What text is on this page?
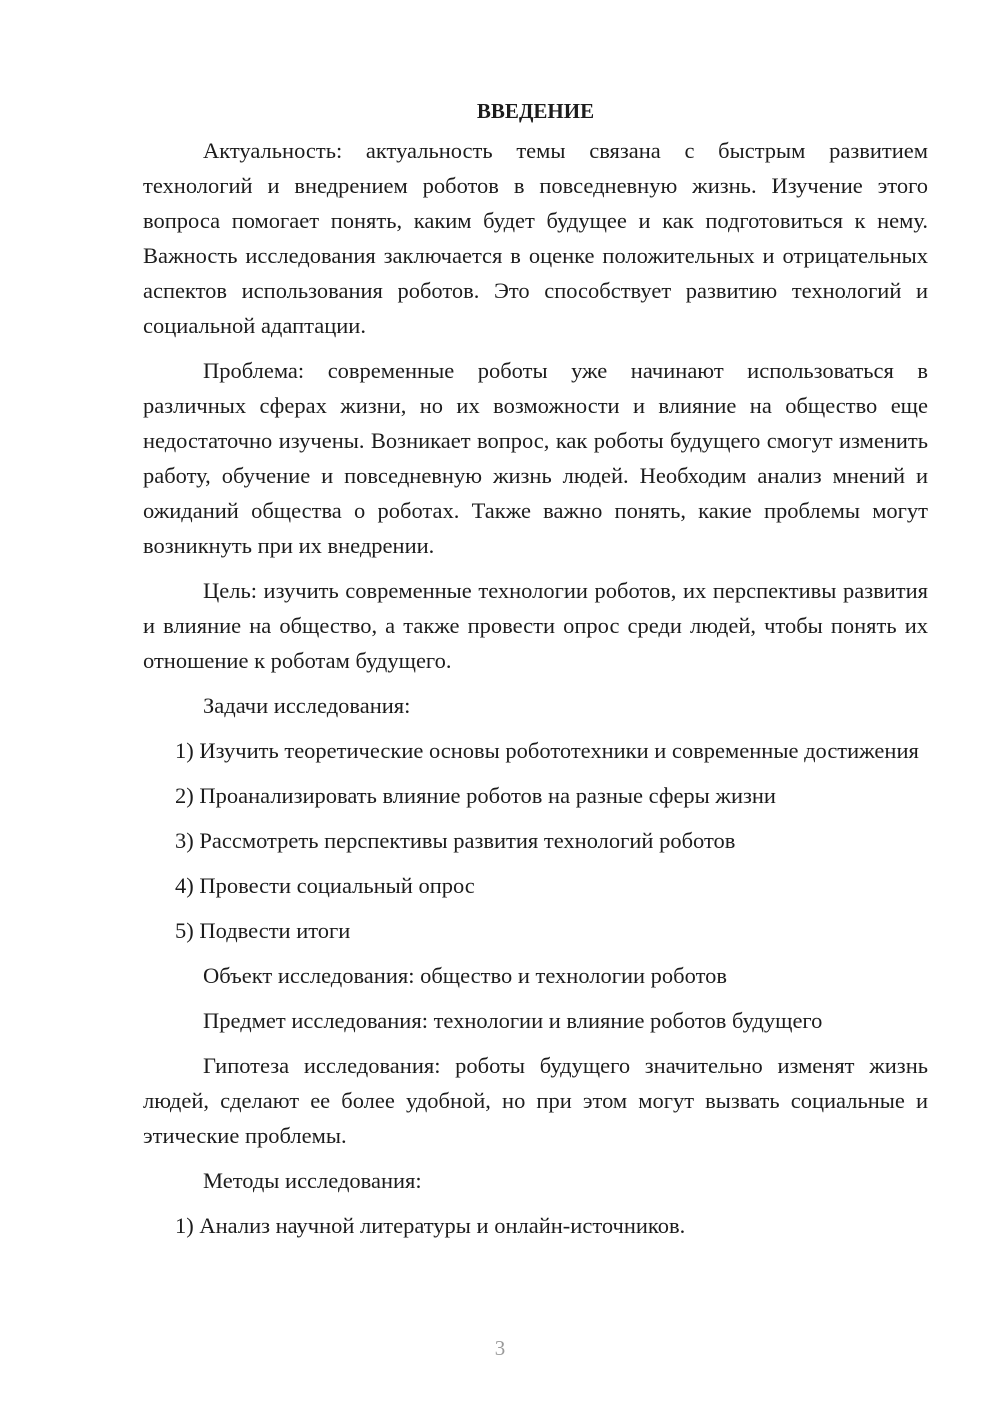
ВВЕДЕНИЕ

Актуальность: актуальность темы связана с быстрым развитием технологий и внедрением роботов в повседневную жизнь. Изучение этого вопроса помогает понять, каким будет будущее и как подготовиться к нему. Важность исследования заключается в оценке положительных и отрицательных аспектов использования роботов. Это способствует развитию технологий и социальной адаптации.

Проблема: современные роботы уже начинают использоваться в различных сферах жизни, но их возможности и влияние на общество еще недостаточно изучены. Возникает вопрос, как роботы будущего смогут изменить работу, обучение и повседневную жизнь людей. Необходим анализ мнений и ожиданий общества о роботах. Также важно понять, какие проблемы могут возникнуть при их внедрении.

Цель: изучить современные технологии роботов, их перспективы развития и влияние на общество, а также провести опрос среди людей, чтобы понять их отношение к роботам будущего.

Задачи исследования:
1) Изучить теоретические основы робототехники и современные достижения
2) Проанализировать влияние роботов на разные сферы жизни
3) Рассмотреть перспективы развития технологий роботов
4) Провести социальный опрос
5) Подвести итоги
Объект исследования: общество и технологии роботов
Предмет исследования: технологии и влияние роботов будущего

Гипотеза исследования: роботы будущего значительно изменят жизнь людей, сделают ее более удобной, но при этом могут вызвать социальные и этические проблемы.

Методы исследования:
1) Анализ научной литературы и онлайн-источников.
3
